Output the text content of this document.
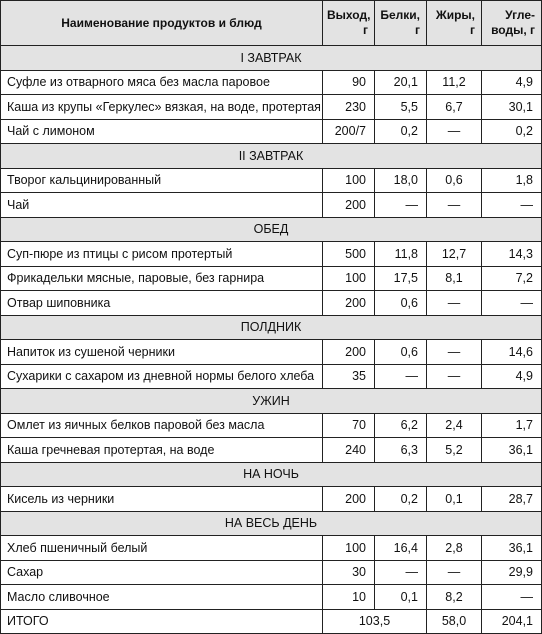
Наименование продуктов и блюд	Выход, г	Белки, г	Жиры, г	Угле-воды, г
I ЗАВТРАК				
Суфле из отварного мяса без масла паровое	90	20,1	11,2	4,9
Каша из крупы «Геркулес» вязкая, на воде, протертая	230	5,5	6,7	30,1
Чай с лимоном	200/7	0,2	—	0,2
II ЗАВТРАК				
Творог кальцинированный	100	18,0	0,6	1,8
Чай	200	—	—	—
ОБЕД				
Суп-пюре из птицы с рисом протертый	500	11,8	12,7	14,3
Фрикадельки мясные, паровые, без гарнира	100	17,5	8,1	7,2
Отвар шиповника	200	0,6	—	—
ПОЛДНИК				
Напиток из сушеной черники	200	0,6	—	14,6
Сухарики с сахаром из дневной нормы белого хлеба	35	—	—	4,9
УЖИН				
Омлет из яичных белков паровой без масла	70	6,2	2,4	1,7
Каша гречневая протертая, на воде	240	6,3	5,2	36,1
НА НОЧЬ				
Кисель из черники	200	0,2	0,1	28,7
НА ВЕСЬ ДЕНЬ				
Хлеб пшеничный белый	100	16,4	2,8	36,1
Сахар	30	—	—	29,9
Масло сливочное	10	0,1	8,2	—
ИТОГО	103,5		58,0	204,1
